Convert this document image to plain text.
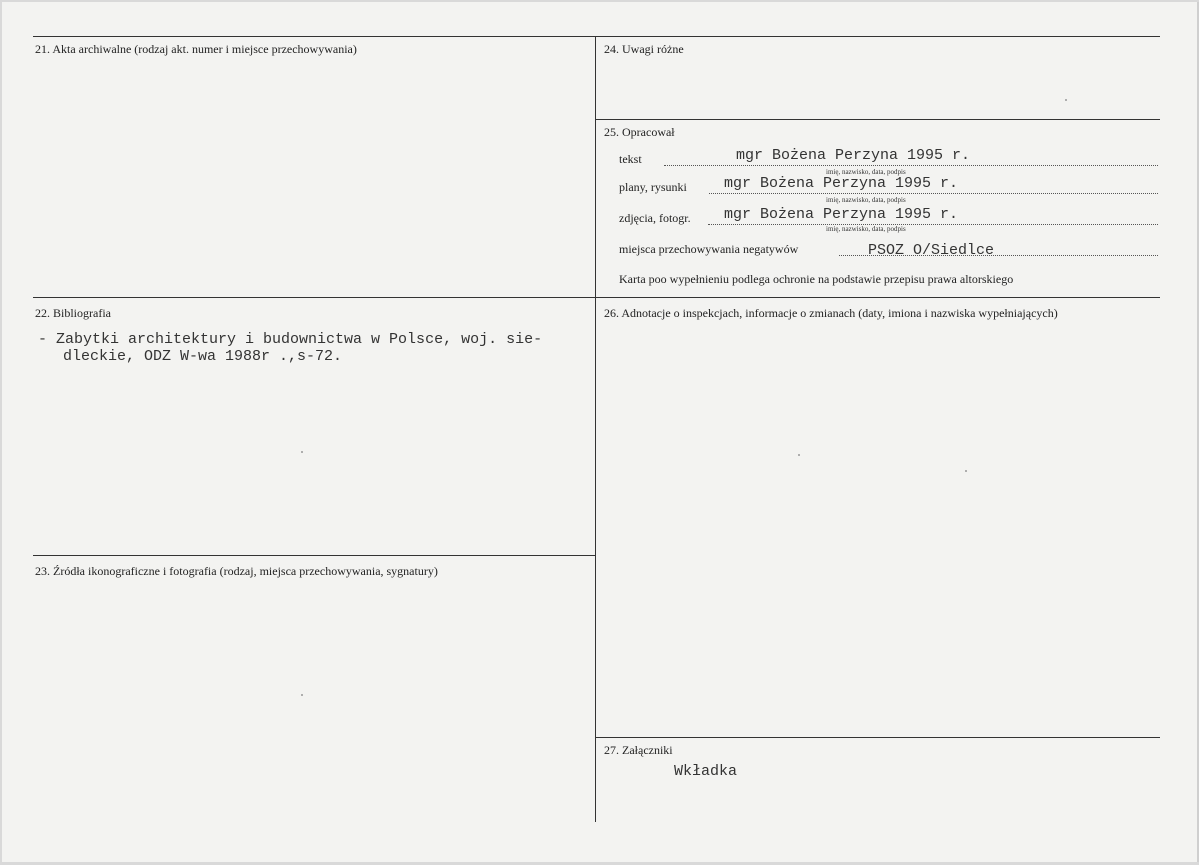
21. Akta archiwalne (rodzaj akt. numer i miejsce przechowywania)	24. Uwagi różne
25. Opracował
tekst	mgr Bożena Perzyna 1995 r.
imię, nazwisko, data, podpis
plany, rysunki mgr Bożena Perzyna 1995 r.
imię, nazwisko, data, podpis
zdjęcia, fotogr. mgr Bożena Perzyna 1995 r.
imię, nazwisko, data, podpis
miejsca przechowywania negatywów	PSOZ O/Siedlce
Karta poo wypełnieniu podlega ochronie na podstawie przepisu prawa altorskiego
22. Bibliografia
- Zabytki architektury i budownictwa w Polsce, woj. sie-
dleckie, ODZ W-wa 1988r .,s-72.
26. Adnotacje o inspekcjach, informacje o zmianach (daty, imiona i nazwiska wypełniających)
23. Źródła ikonograficzne i fotografia (rodzaj, miejsca przechowywania, sygnatury)
27. Załączniki
Wkładka
